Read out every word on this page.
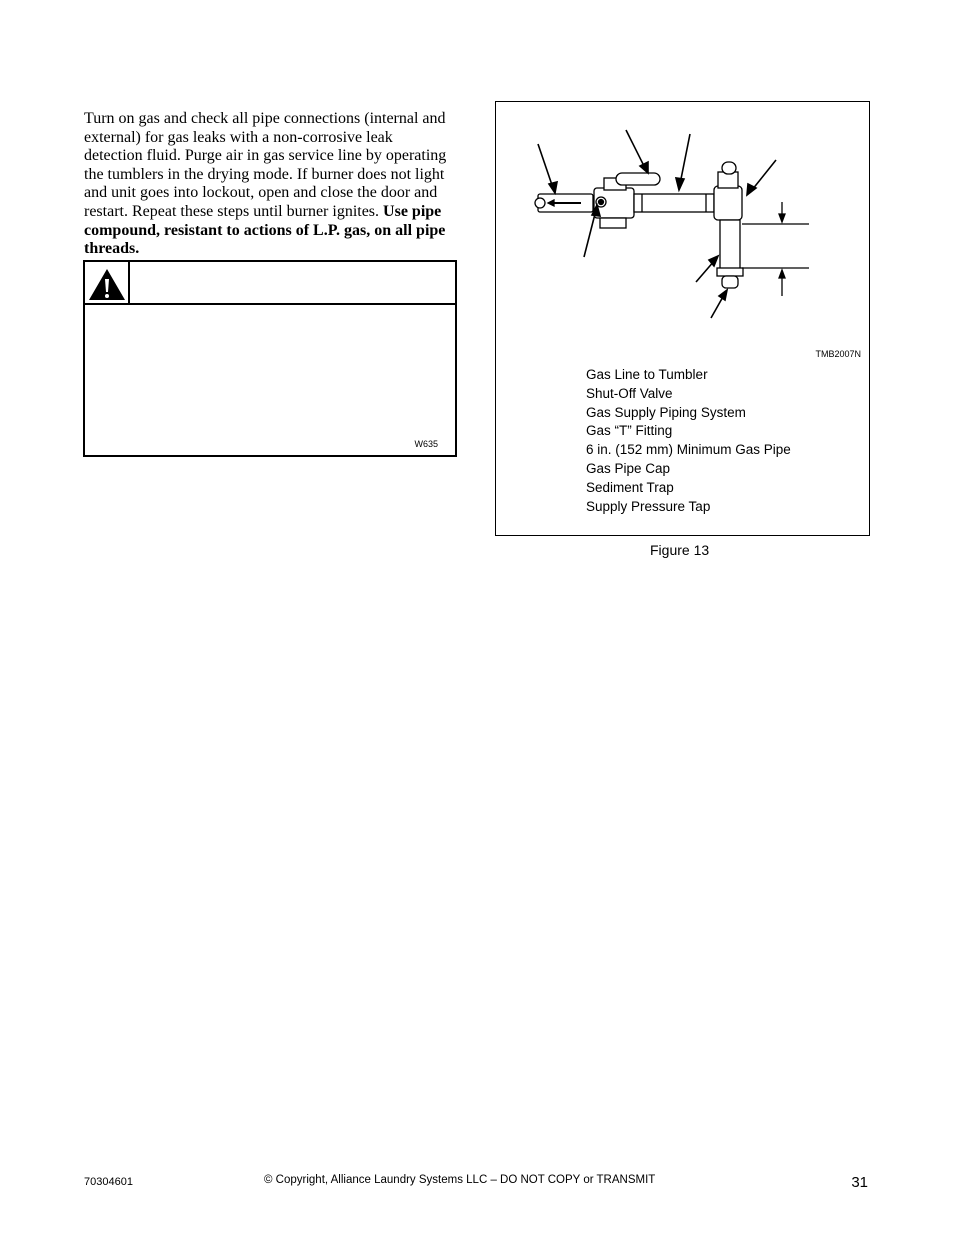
Turn on gas and check all pipe connections (internal and external) for gas leaks with a non-corrosive leak detection fluid. Purge air in gas service line by operating the tumblers in the drying mode. If burner does not light and unit goes into lockout, open and close the door and restart. Repeat these steps until burner ignites. Use pipe compound, resistant to actions of L.P. gas, on all pipe threads.

W635
TMB2007N
Gas Line to Tumbler
Shut-Off Valve
Gas Supply Piping System
Gas “T” Fitting
6 in. (152 mm) Minimum Gas Pipe
Gas Pipe Cap
Sediment Trap
Supply Pressure Tap
Figure 13
70304601	© Copyright, Alliance Laundry Systems LLC – DO NOT COPY or TRANSMIT	31
